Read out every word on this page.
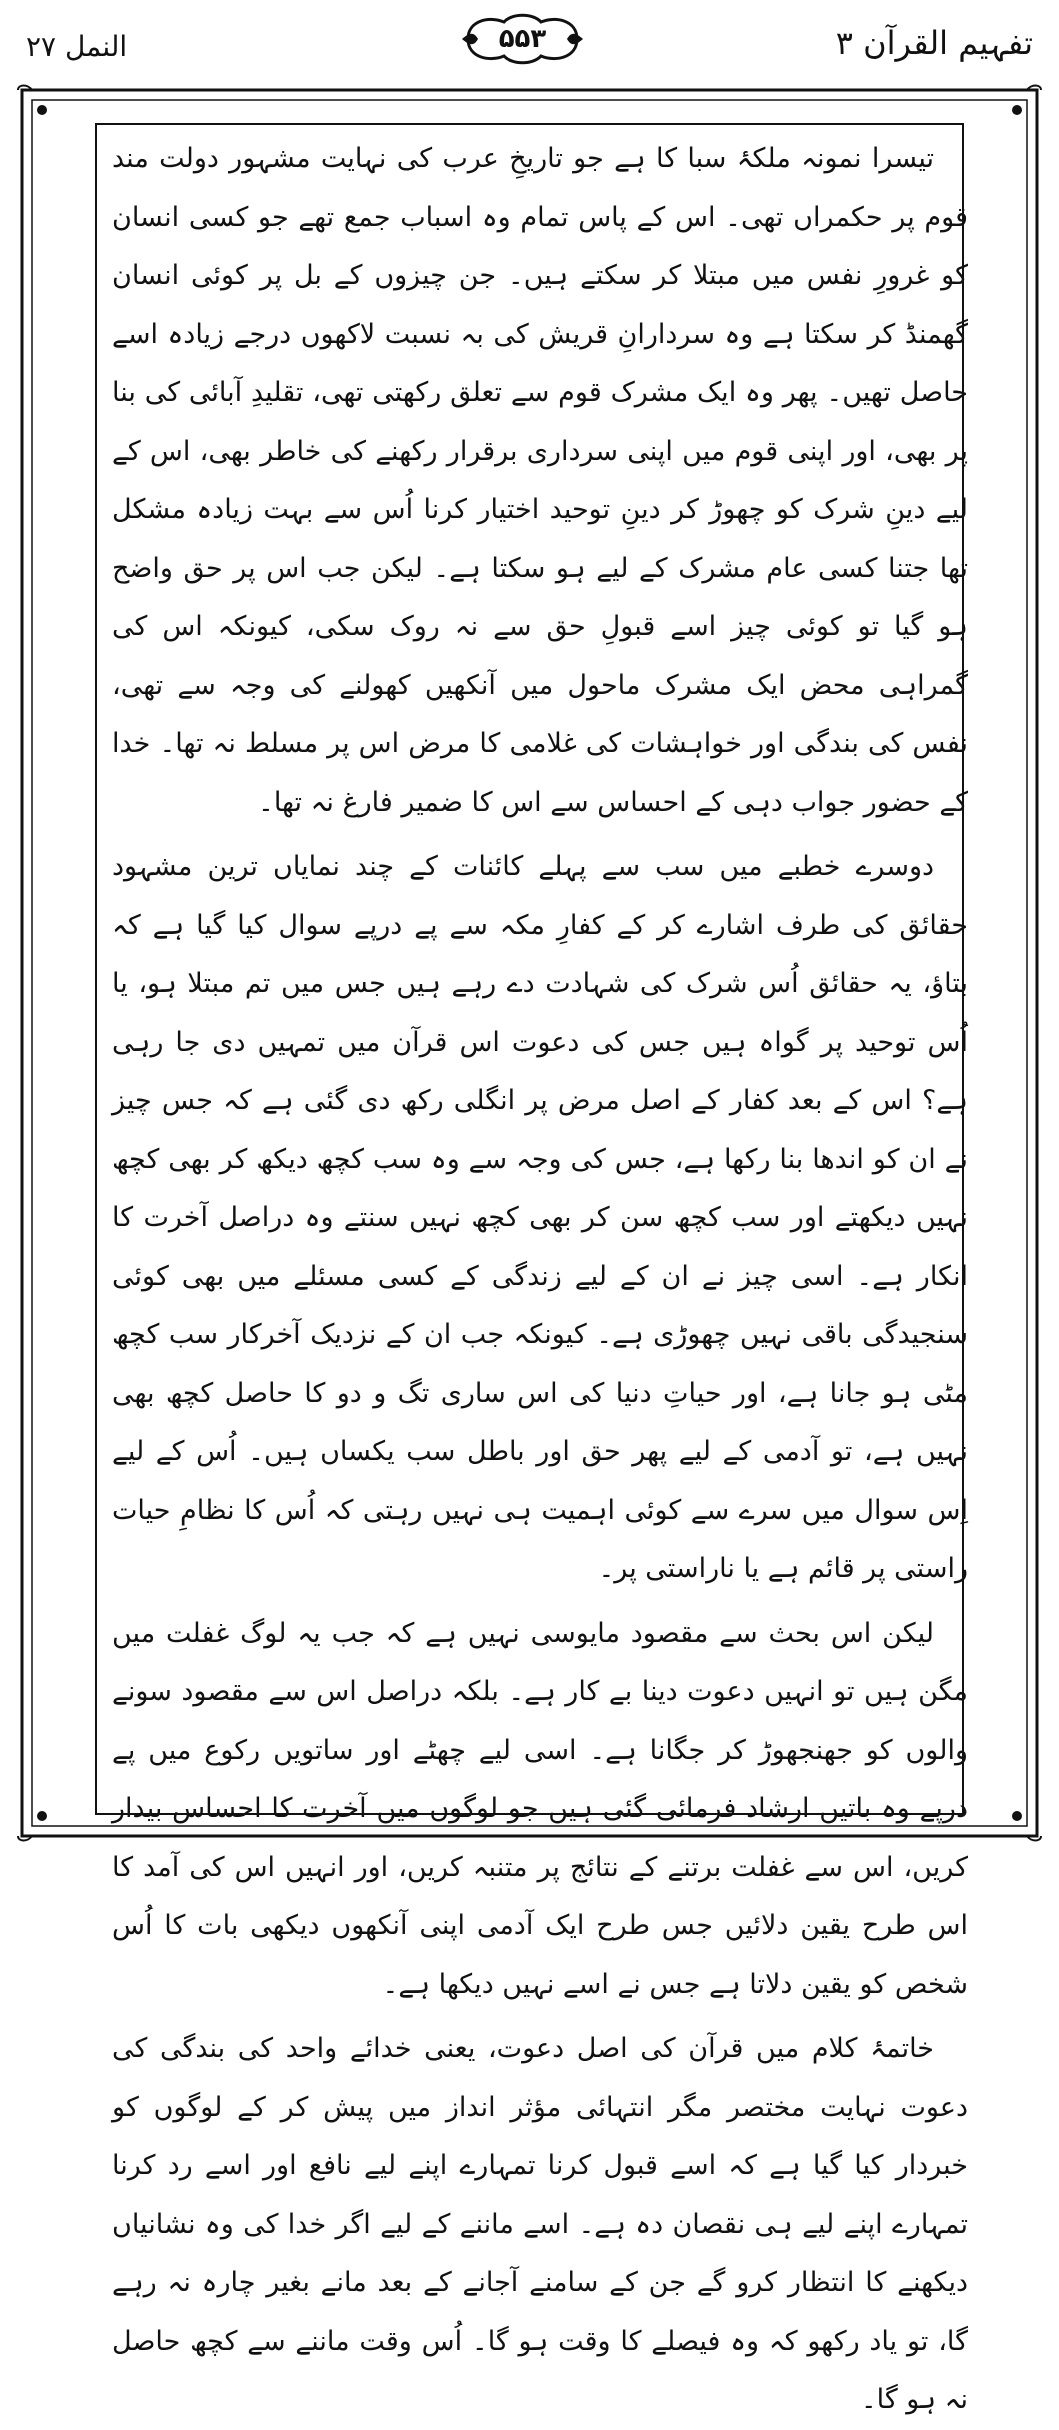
النمل ۲۷	۵۵۳	تفہیم القرآن ۳

تیسرا نمونہ ملکۂ سبا کا ہے جو تاریخِ عرب کی نہایت مشہور دولت مند قوم پر حکمراں تھی۔ اس کے پاس تمام وہ اسباب جمع تھے جو کسی انسان کو غرورِ نفس میں مبتلا کر سکتے ہیں۔ جن چیزوں کے بل پر کوئی انسان گھمنڈ کر سکتا ہے وہ سردارانِ قریش کی بہ نسبت لاکھوں درجے زیادہ اسے حاصل تھیں۔ پھر وہ ایک مشرک قوم سے تعلق رکھتی تھی، تقلیدِ آبائی کی بنا پر بھی، اور اپنی قوم میں اپنی سرداری برقرار رکھنے کی خاطر بھی، اس کے لیے دینِ شرک کو چھوڑ کر دینِ توحید اختیار کرنا اُس سے بہت زیادہ مشکل تھا جتنا کسی عام مشرک کے لیے ہو سکتا ہے۔ لیکن جب اس پر حق واضح ہو گیا تو کوئی چیز اسے قبولِ حق سے نہ روک سکی، کیونکہ اس کی گمراہی محض ایک مشرک ماحول میں آنکھیں کھولنے کی وجہ سے تھی، نفس کی بندگی اور خواہشات کی غلامی کا مرض اس پر مسلط نہ تھا۔ خدا کے حضور جواب دہی کے احساس سے اس کا ضمیر فارغ نہ تھا۔

دوسرے خطبے میں سب سے پہلے کائنات کے چند نمایاں ترین مشہود حقائق کی طرف اشارے کر کے کفارِ مکہ سے پے درپے سوال کیا گیا ہے کہ بتاؤ، یہ حقائق اُس شرک کی شہادت دے رہے ہیں جس میں تم مبتلا ہو، یا اُس توحید پر گواہ ہیں جس کی دعوت اس قرآن میں تمہیں دی جا رہی ہے؟ اس کے بعد کفار کے اصل مرض پر انگلی رکھ دی گئی ہے کہ جس چیز نے ان کو اندھا بنا رکھا ہے، جس کی وجہ سے وہ سب کچھ دیکھ کر بھی کچھ نہیں دیکھتے اور سب کچھ سن کر بھی کچھ نہیں سنتے وہ دراصل آخرت کا انکار ہے۔ اسی چیز نے ان کے لیے زندگی کے کسی مسئلے میں بھی کوئی سنجیدگی باقی نہیں چھوڑی ہے۔ کیونکہ جب ان کے نزدیک آخرکار سب کچھ مٹی ہو جانا ہے، اور حیاتِ دنیا کی اس ساری تگ و دو کا حاصل کچھ بھی نہیں ہے، تو آدمی کے لیے پھر حق اور باطل سب یکساں ہیں۔ اُس کے لیے اِس سوال میں سرے سے کوئی اہمیت ہی نہیں رہتی کہ اُس کا نظامِ حیات راستی پر قائم ہے یا ناراستی پر۔

لیکن اس بحث سے مقصود مایوسی نہیں ہے کہ جب یہ لوگ غفلت میں مگن ہیں تو انہیں دعوت دینا بے کار ہے۔ بلکہ دراصل اس سے مقصود سونے والوں کو جھنجھوڑ کر جگانا ہے۔ اسی لیے چھٹے اور ساتویں رکوع میں پے درپے وہ باتیں ارشاد فرمائی گئی ہیں جو لوگوں میں آخرت کا احساس بیدار کریں، اس سے غفلت برتنے کے نتائج پر متنبہ کریں، اور انہیں اس کی آمد کا اس طرح یقین دلائیں جس طرح ایک آدمی اپنی آنکھوں دیکھی بات کا اُس شخص کو یقین دلاتا ہے جس نے اسے نہیں دیکھا ہے۔

خاتمۂ کلام میں قرآن کی اصل دعوت، یعنی خدائے واحد کی بندگی کی دعوت نہایت مختصر مگر انتہائی مؤثر انداز میں پیش کر کے لوگوں کو خبردار کیا گیا ہے کہ اسے قبول کرنا تمہارے اپنے لیے نافع اور اسے رد کرنا تمہارے اپنے لیے ہی نقصان دہ ہے۔ اسے ماننے کے لیے اگر خدا کی وہ نشانیاں دیکھنے کا انتظار کرو گے جن کے سامنے آجانے کے بعد مانے بغیر چارہ نہ رہے گا، تو یاد رکھو کہ وہ فیصلے کا وقت ہو گا۔ اُس وقت ماننے سے کچھ حاصل نہ ہو گا۔
